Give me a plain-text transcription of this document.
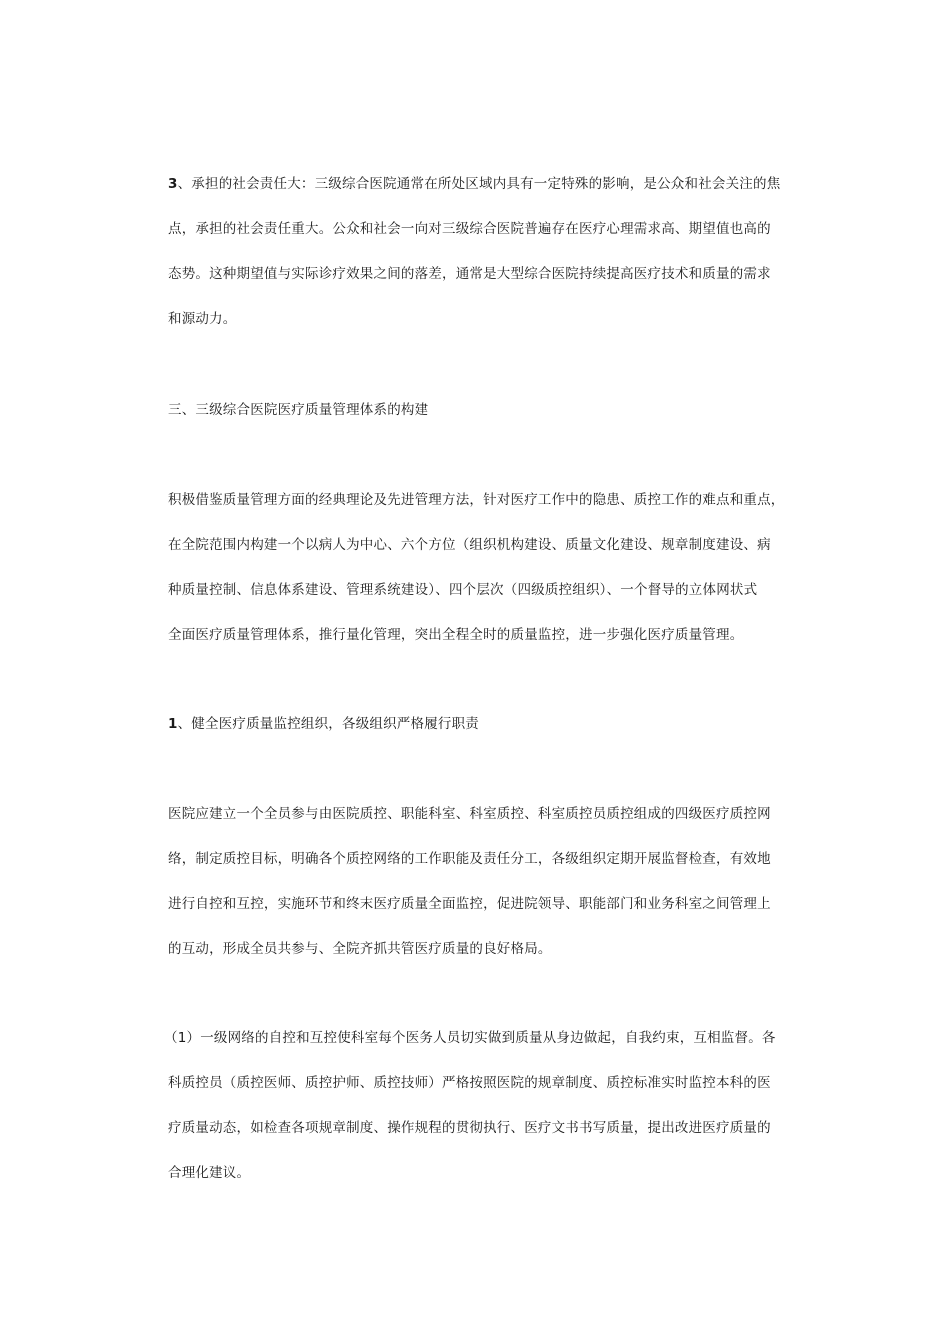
3、承担的社会责任大：三级综合医院通常在所处区域内具有一定特殊的影响，是公众和社会关注的焦
点，承担的社会责任重大。公众和社会一向对三级综合医院普遍存在医疗心理需求高、期望值也高的
态势。这种期望值与实际诊疗效果之间的落差，通常是大型综合医院持续提高医疗技术和质量的需求
和源动力。
三、三级综合医院医疗质量管理体系的构建
积极借鉴质量管理方面的经典理论及先进管理方法，针对医疗工作中的隐患、质控工作的难点和重点，
在全院范围内构建一个以病人为中心、六个方位（组织机构建设、质量文化建设、规章制度建设、病
种质量控制、信息体系建设、管理系统建设）、四个层次（四级质控组织）、一个督导的立体网状式
全面医疗质量管理体系，推行量化管理，突出全程全时的质量监控，进一步强化医疗质量管理。
1、健全医疗质量监控组织，各级组织严格履行职责
医院应建立一个全员参与由医院质控、职能科室、科室质控、科室质控员质控组成的四级医疗质控网
络，制定质控目标，明确各个质控网络的工作职能及责任分工，各级组织定期开展监督检查，有效地
进行自控和互控，实施环节和终末医疗质量全面监控，促进院领导、职能部门和业务科室之间管理上
的互动，形成全员共参与、全院齐抓共管医疗质量的良好格局。
（1）一级网络的自控和互控使科室每个医务人员切实做到质量从身边做起，自我约束，互相监督。各
科质控员（质控医师、质控护师、质控技师）严格按照医院的规章制度、质控标准实时监控本科的医
疗质量动态，如检查各项规章制度、操作规程的贯彻执行、医疗文书书写质量，提出改进医疗质量的
合理化建议。
